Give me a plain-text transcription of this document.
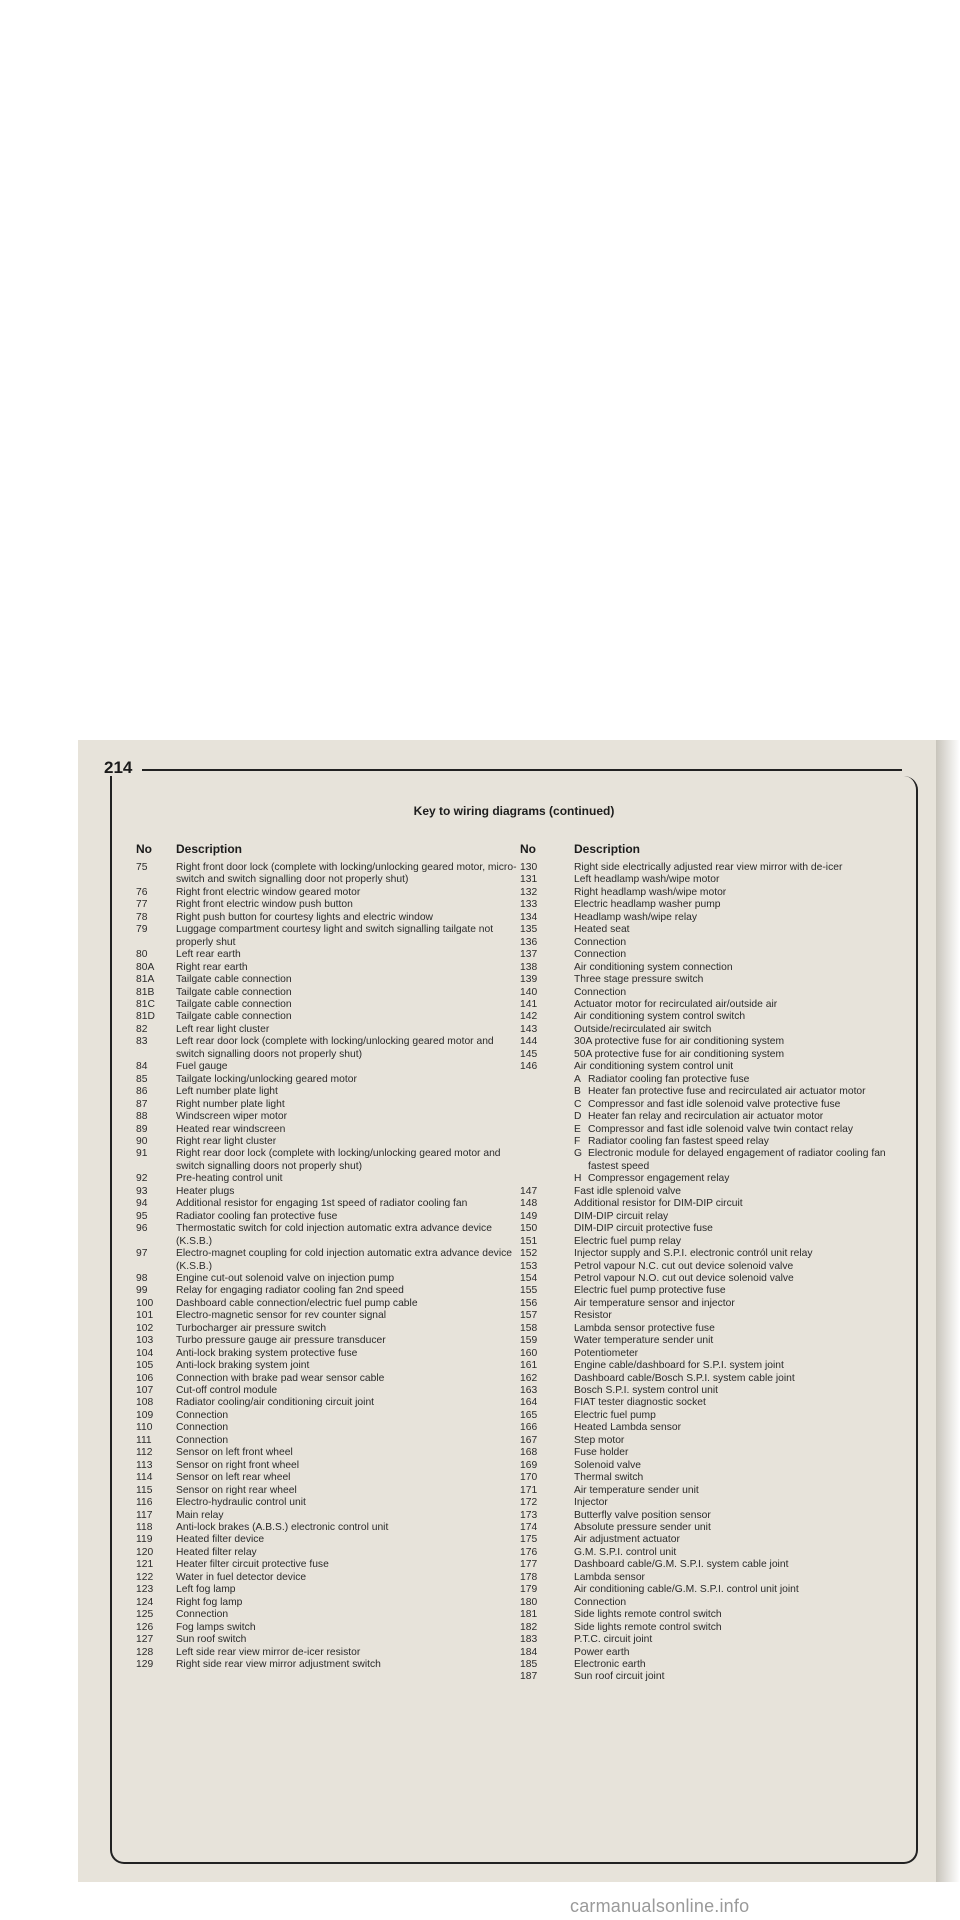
214
Key to wiring diagrams (continued)
No Description
75	Right front door lock (complete with locking/unlocking geared motor, micro-switch and switch signalling door not properly shut)
76	Right front electric window geared motor
77	Right front electric window push button
78	Right push button for courtesy lights and electric window
79	Luggage compartment courtesy light and switch signalling tailgate not properly shut
80	Left rear earth
80A Right rear earth
81A Tailgate cable connection
81B Tailgate cable connection
81C Tailgate cable connection
81D Tailgate cable connection
82	Left rear light cluster
83	Left rear door lock (complete with locking/unlocking geared motor and switch signalling doors not properly shut)
84	Fuel gauge
85	Tailgate locking/unlocking geared motor
86	Left number plate light
87	Right number plate light
88	Windscreen wiper motor
89	Heated rear windscreen
90	Right rear light cluster
91	Right rear door lock (complete with locking/unlocking geared motor and switch signalling doors not properly shut)
92	Pre-heating control unit
93	Heater plugs
94	Additional resistor for engaging 1st speed of radiator cooling fan
95	Radiator cooling fan protective fuse
96	Thermostatic switch for cold injection automatic extra advance device (K.S.B.)
97	Electro-magnet coupling for cold injection automatic extra advance device (K.S.B.)
98	Engine cut-out solenoid valve on injection pump
99	Relay for engaging radiator cooling fan 2nd speed
100 Dashboard cable connection/electric fuel pump cable
101 Electro-magnetic sensor for rev counter signal
102 Turbocharger air pressure switch
103 Turbo pressure gauge air pressure transducer
104 Anti-lock braking system protective fuse
105 Anti-lock braking system joint
106 Connection with brake pad wear sensor cable
107 Cut-off control module
108 Radiator cooling/air conditioning circuit joint
109 Connection
110 Connection
111 Connection
112 Sensor on left front wheel
113 Sensor on right front wheel
114 Sensor on left rear wheel
115 Sensor on right rear wheel
116 Electro-hydraulic control unit
117 Main relay
118 Anti-lock brakes (A.B.S.) electronic control unit
119 Heated filter device
120 Heated filter relay
121 Heater filter circuit protective fuse
122 Water in fuel detector device
123 Left fog lamp
124 Right fog lamp
125 Connection
126 Fog lamps switch
127 Sun roof switch
128 Left side rear view mirror de-icer resistor
129 Right side rear view mirror adjustment switch
No	Description
130	Right side electrically adjusted rear view mirror with de-icer
131	Left headlamp wash/wipe motor
132	Right headlamp wash/wipe motor
133	Electric headlamp washer pump
134	Headlamp wash/wipe relay
135	Heated seat
136	Connection
137	Connection
138	Air conditioning system connection
139	Three stage pressure switch
140	Connection
141	Actuator motor for recirculated air/outside air
142	Air conditioning system control switch
143	Outside/recirculated air switch
144	30A protective fuse for air conditioning system
145	50A protective fuse for air conditioning system
146	Air conditioning system control unit
A Radiator cooling fan protective fuse
B Heater fan protective fuse and recirculated air actuator motor
C Compressor and fast idle solenoid valve protective fuse
D Heater fan relay and recirculation air actuator motor
E Compressor and fast idle solenoid valve twin contact relay
F Radiator cooling fan fastest speed relay
G Electronic module for delayed engagement of radiator cooling fan fastest speed
H Compressor engagement relay
147	Fast idle splenoid valve
148	Additional resistor for DIM-DIP circuit
149	DIM-DIP circuit relay
150	DIM-DIP circuit protective fuse
151	Electric fuel pump relay
152	Injector supply and S.P.I. electronic contról unit relay
153	Petrol vapour N.C. cut out device solenoid valve
154	Petrol vapour N.O. cut out device solenoid valve
155	Electric fuel pump protective fuse
156	Air temperature sensor and injector
157	Resistor
158	Lambda sensor protective fuse
159	Water temperature sender unit
160	Potentiometer
161	Engine cable/dashboard for S.P.I. system joint
162	Dashboard cable/Bosch S.P.I. system cable joint
163	Bosch S.P.I. system control unit
164	FIAT tester diagnostic socket
165	Electric fuel pump
166	Heated Lambda sensor
167	Step motor
168	Fuse holder
169	Solenoid valve
170	Thermal switch
171	Air temperature sender unit
172	Injector
173	Butterfly valve position sensor
174	Absolute pressure sender unit
175	Air adjustment actuator
176	G.M. S.P.I. control unit
177	Dashboard cable/G.M. S.P.I. system cable joint
178	Lambda sensor
179	Air conditioning cable/G.M. S.P.I. control unit joint
180	Connection
181	Side lights remote control switch
182	Side lights remote control switch
183	P.T.C. circuit joint
184	Power earth
185	Electronic earth
187	Sun roof circuit joint
carmanualsonline.info
